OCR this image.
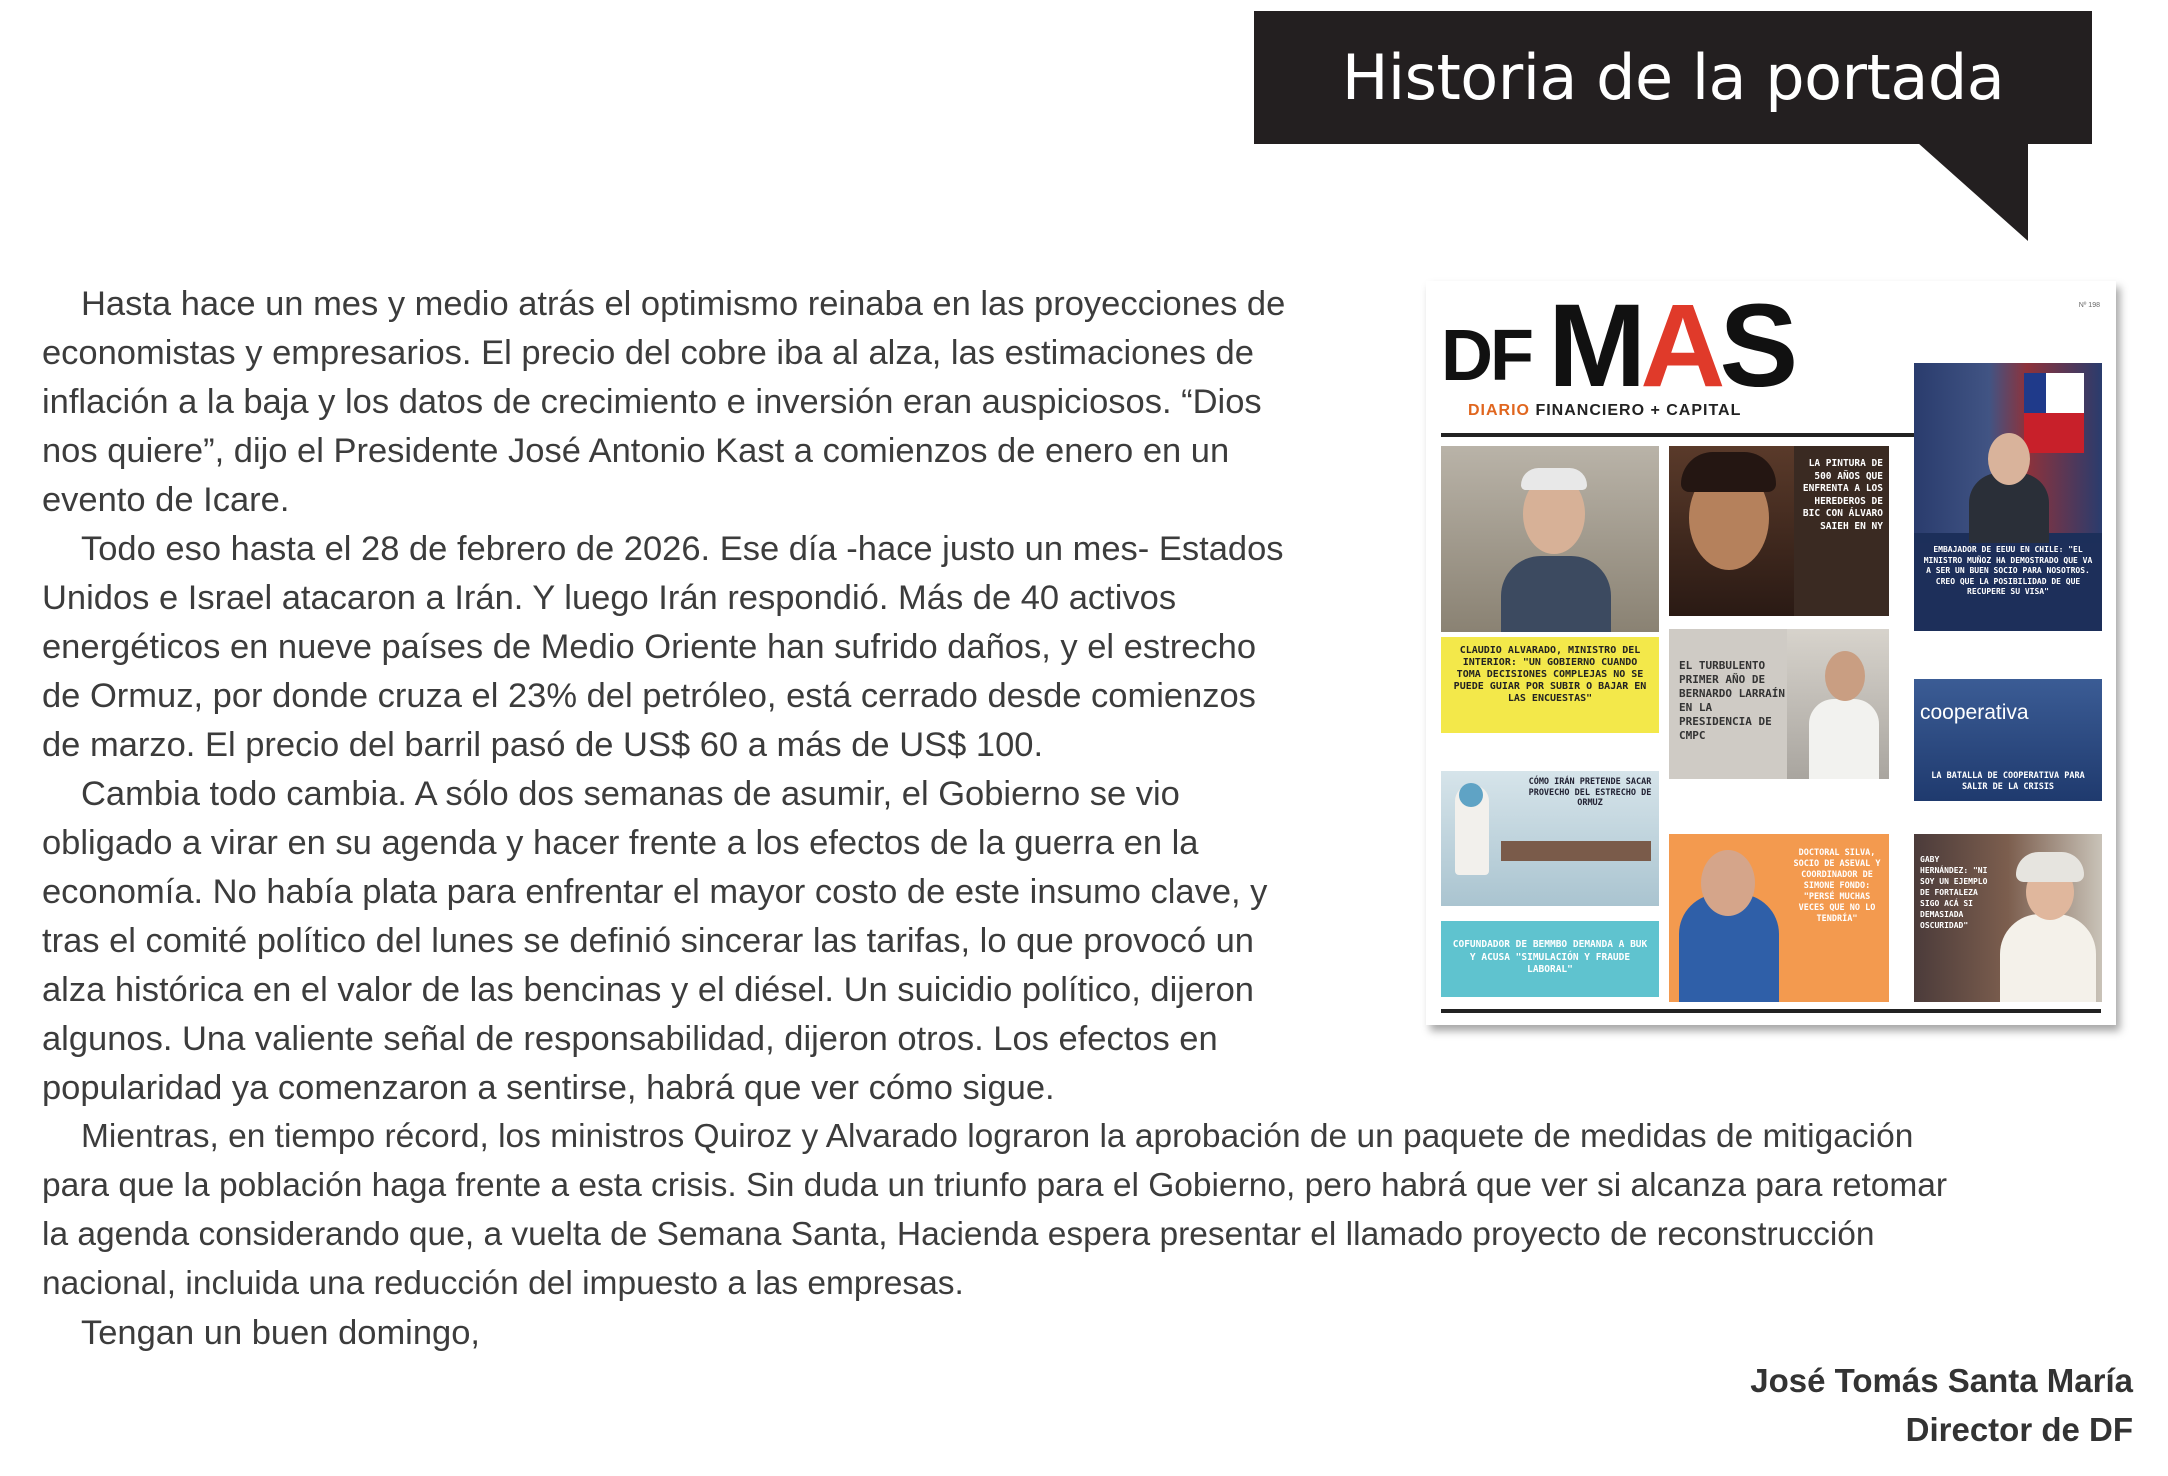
Historia de la portada
Hasta hace un mes y medio atrás el optimismo reinaba en las proyecciones de
economistas y empresarios. El precio del cobre iba al alza, las estimaciones de
inflación a la baja y los datos de crecimiento e inversión eran auspiciosos. “Dios
nos quiere”, dijo el Presidente José Antonio Kast a comienzos de enero en un
evento de Icare.
Todo eso hasta el 28 de febrero de 2026. Ese día -hace justo un mes- Estados
Unidos e Israel atacaron a Irán. Y luego Irán respondió. Más de 40 activos
energéticos en nueve países de Medio Oriente han sufrido daños, y el estrecho
de Ormuz, por donde cruza el 23% del petróleo, está cerrado desde comienzos
de marzo. El precio del barril pasó de US$ 60 a más de US$ 100.
Cambia todo cambia. A sólo dos semanas de asumir, el Gobierno se vio
obligado a virar en su agenda y hacer frente a los efectos de la guerra en la
economía. No había plata para enfrentar el mayor costo de este insumo clave, y
tras el comité político del lunes se definió sincerar las tarifas, lo que provocó un
alza histórica en el valor de las bencinas y el diésel. Un suicidio político, dijeron
algunos. Una valiente señal de responsabilidad, dijeron otros. Los efectos en
popularidad ya comenzaron a sentirse, habrá que ver cómo sigue.
Mientras, en tiempo récord, los ministros Quiroz y Alvarado lograron la aprobación de un paquete de medidas de mitigación
para que la población haga frente a esta crisis. Sin duda un triunfo para el Gobierno, pero habrá que ver si alcanza para retomar
la agenda considerando que, a vuelta de Semana Santa, Hacienda espera presentar el llamado proyecto de reconstrucción
nacional, incluida una reducción del impuesto a las empresas.
Tengan un buen domingo,
José Tomás Santa María
Director de DF
DF MAS
DIARIO FINANCIERO + CAPITAL
Nº 198
CLAUDIO ALVARADO, MINISTRO DEL INTERIOR: "UN GOBIERNO CUANDO TOMA DECISIONES COMPLEJAS NO SE PUEDE GUIAR POR SUBIR O BAJAR EN LAS ENCUESTAS"
LA PINTURA DE 500 AÑOS QUE ENFRENTA A LOS HEREDEROS DE BIC CON ÁLVARO SAIEH EN NY
EMBAJADOR DE EEUU EN CHILE: "EL MINISTRO MUÑOZ HA DEMOSTRADO QUE VA A SER UN BUEN SOCIO PARA NOSOTROS. CREO QUE LA POSIBILIDAD DE QUE RECUPERE SU VISA"
EL TURBULENTO PRIMER AÑO DE BERNARDO LARRAÍN EN LA PRESIDENCIA DE CMPC
cooperativa
LA BATALLA DE COOPERATIVA PARA SALIR DE LA CRISIS
CÓMO IRÁN PRETENDE SACAR PROVECHO DEL ESTRECHO DE ORMUZ
COFUNDADOR DE BEMMBO DEMANDA A BUK Y ACUSA "SIMULACIÓN Y FRAUDE LABORAL"
DOCTORAL SILVA, SOCIO DE ASEVAL Y COORDINADOR DE SIMONE FONDO: "PERSÉ MUCHAS VECES QUE NO LO TENDRÍA"
GABY HERNÁNDEZ: "NI SOY UN EJEMPLO DE FORTALEZA SIGO ACÁ SI DEMASIADA OSCURIDAD"
